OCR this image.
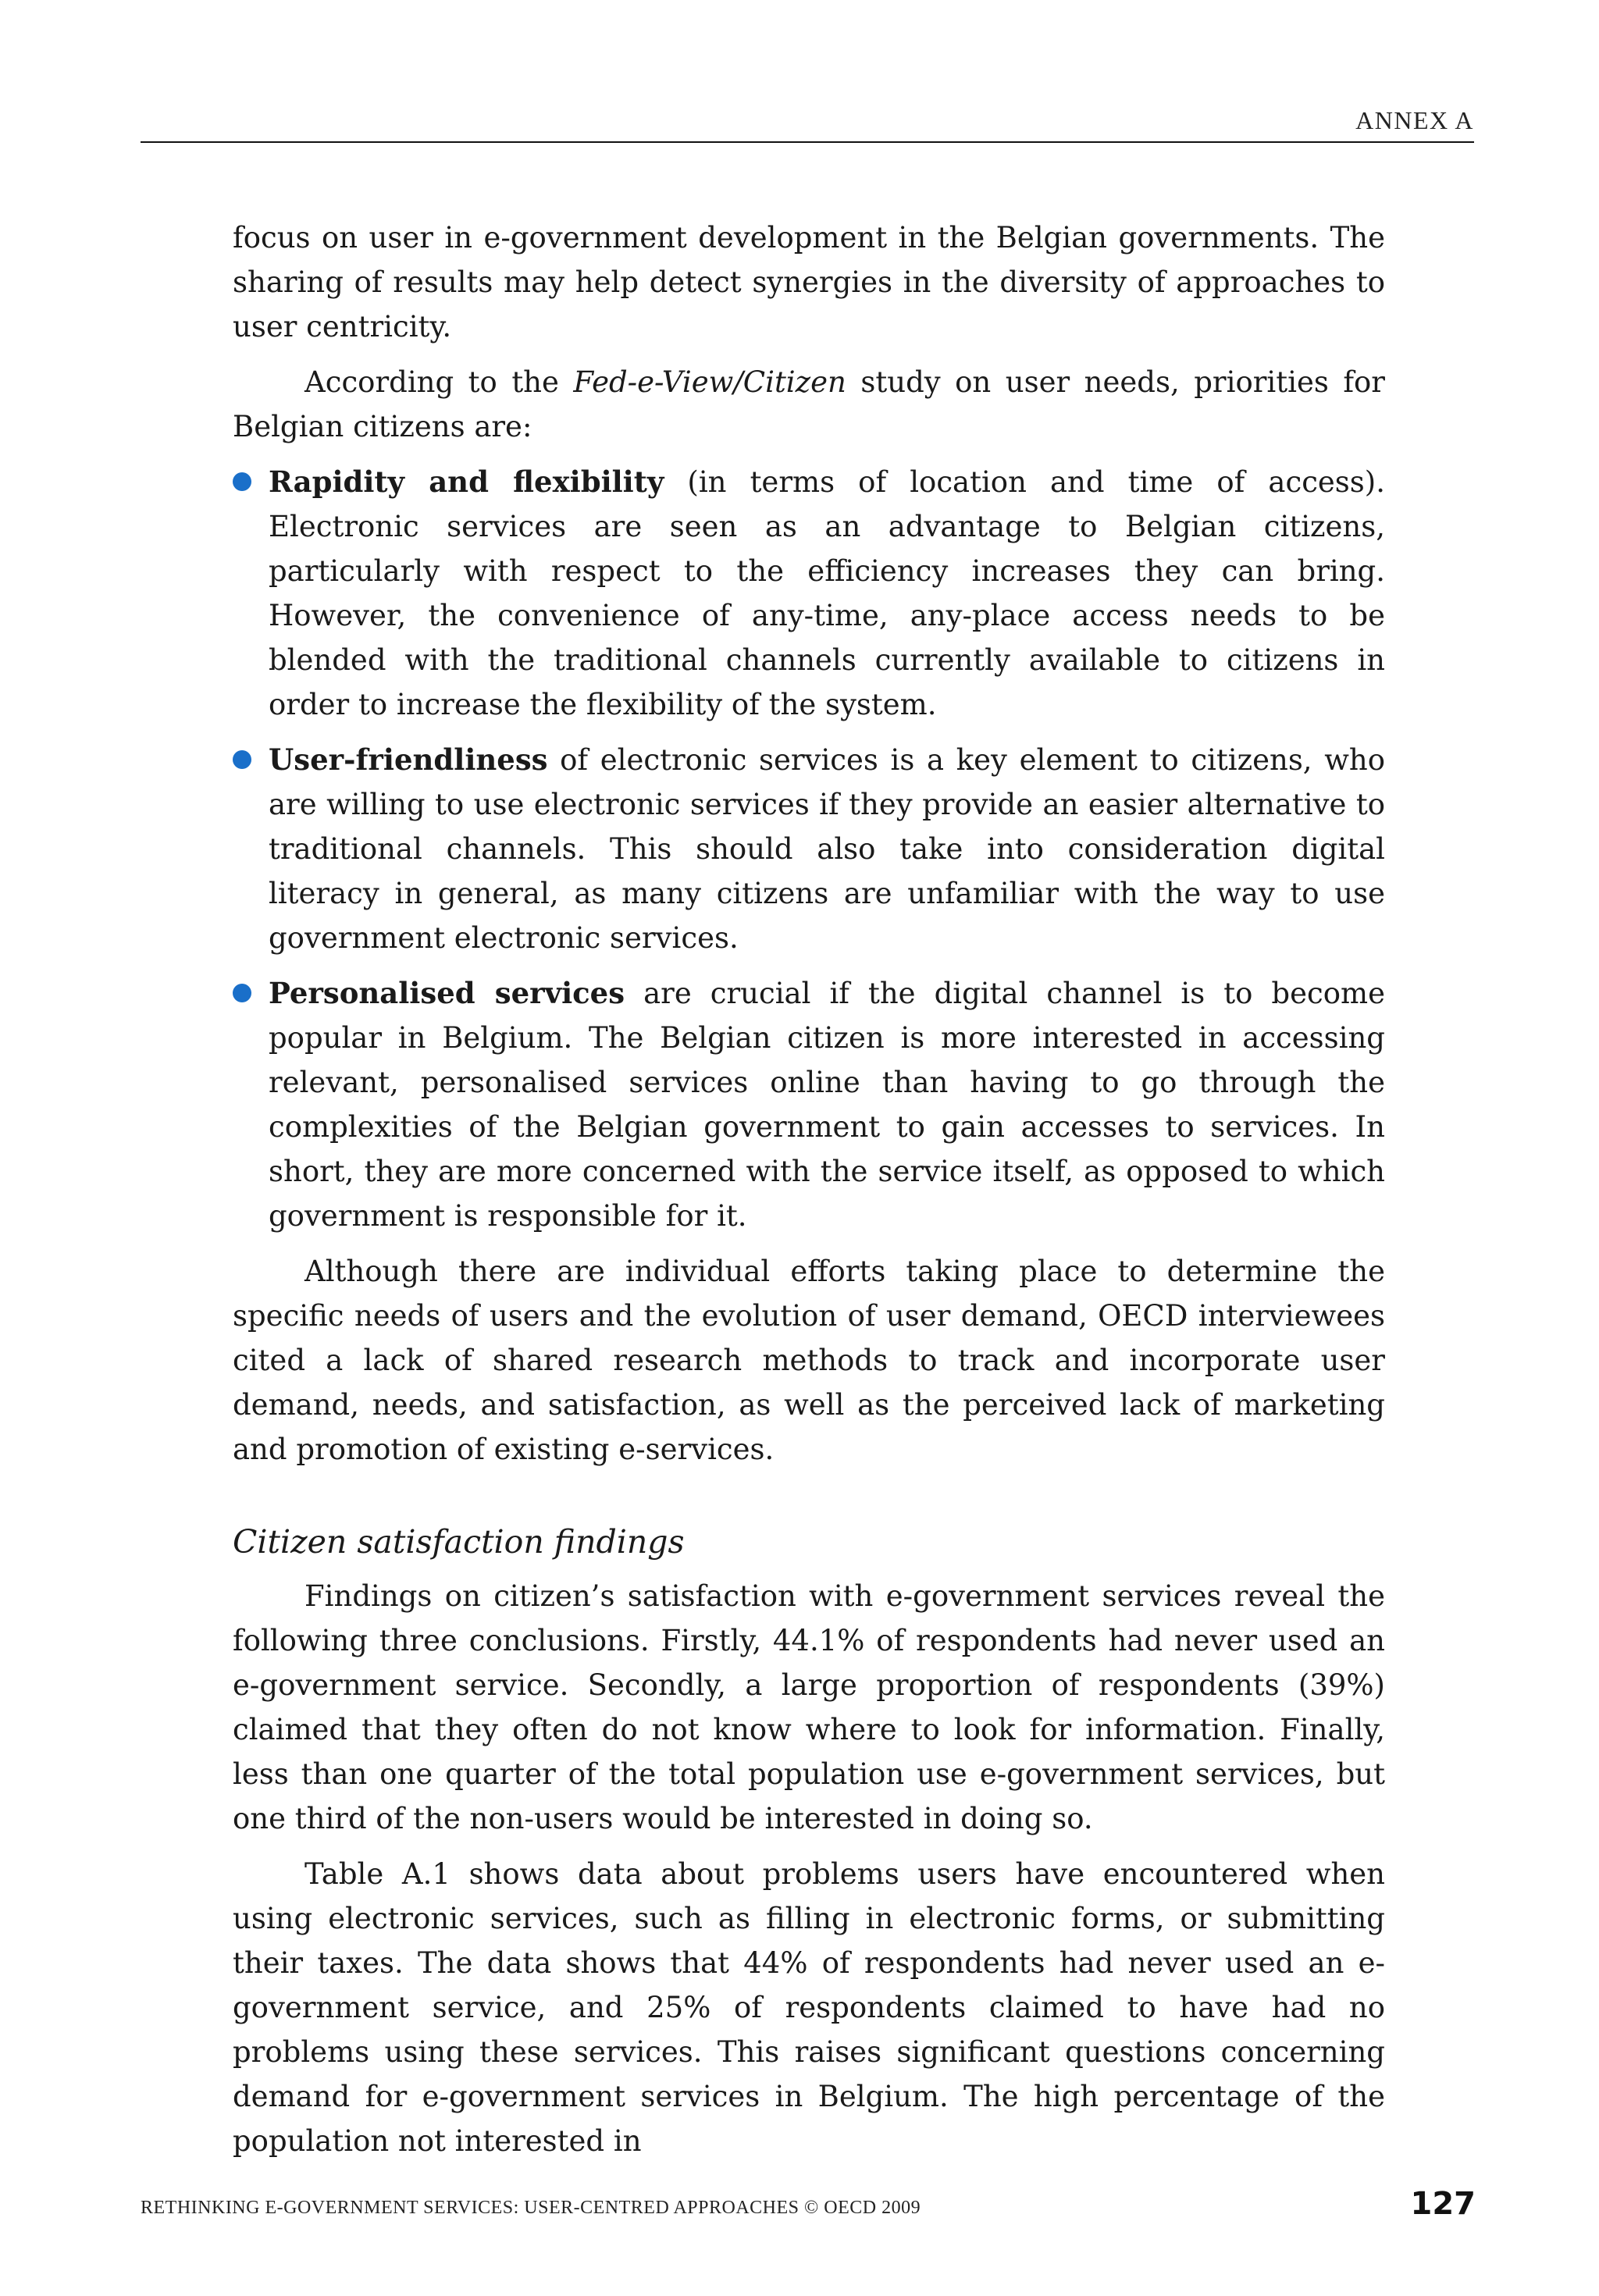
ANNEX A

focus on user in e-government development in the Belgian governments. The sharing of results may help detect synergies in the diversity of approaches to user centricity.

According to the Fed-e-View/Citizen study on user needs, priorities for Belgian citizens are:

Rapidity and flexibility (in terms of location and time of access). Electronic services are seen as an advantage to Belgian citizens, particularly with respect to the efficiency increases they can bring. However, the convenience of any-time, any-place access needs to be blended with the traditional channels currently available to citizens in order to increase the flexibility of the system.
User-friendliness of electronic services is a key element to citizens, who are willing to use electronic services if they provide an easier alternative to traditional channels. This should also take into consideration digital literacy in general, as many citizens are unfamiliar with the way to use government electronic services.
Personalised services are crucial if the digital channel is to become popular in Belgium. The Belgian citizen is more interested in accessing relevant, personalised services online than having to go through the complexities of the Belgian government to gain accesses to services. In short, they are more concerned with the service itself, as opposed to which government is responsible for it.

Although there are individual efforts taking place to determine the specific needs of users and the evolution of user demand, OECD interviewees cited a lack of shared research methods to track and incorporate user demand, needs, and satisfaction, as well as the perceived lack of marketing and promotion of existing e-services.

Citizen satisfaction findings

Findings on citizen’s satisfaction with e-government services reveal the following three conclusions. Firstly, 44.1% of respondents had never used an e-government service. Secondly, a large proportion of respondents (39%) claimed that they often do not know where to look for information. Finally, less than one quarter of the total population use e-government services, but one third of the non-users would be interested in doing so.

Table A.1 shows data about problems users have encountered when using electronic services, such as filling in electronic forms, or submitting their taxes. The data shows that 44% of respondents had never used an e-government service, and 25% of respondents claimed to have had no problems using these services. This raises significant questions concerning demand for e-government services in Belgium. The high percentage of the population not interested in

RETHINKING E-GOVERNMENT SERVICES: USER-CENTRED APPROACHES © OECD 2009	127
